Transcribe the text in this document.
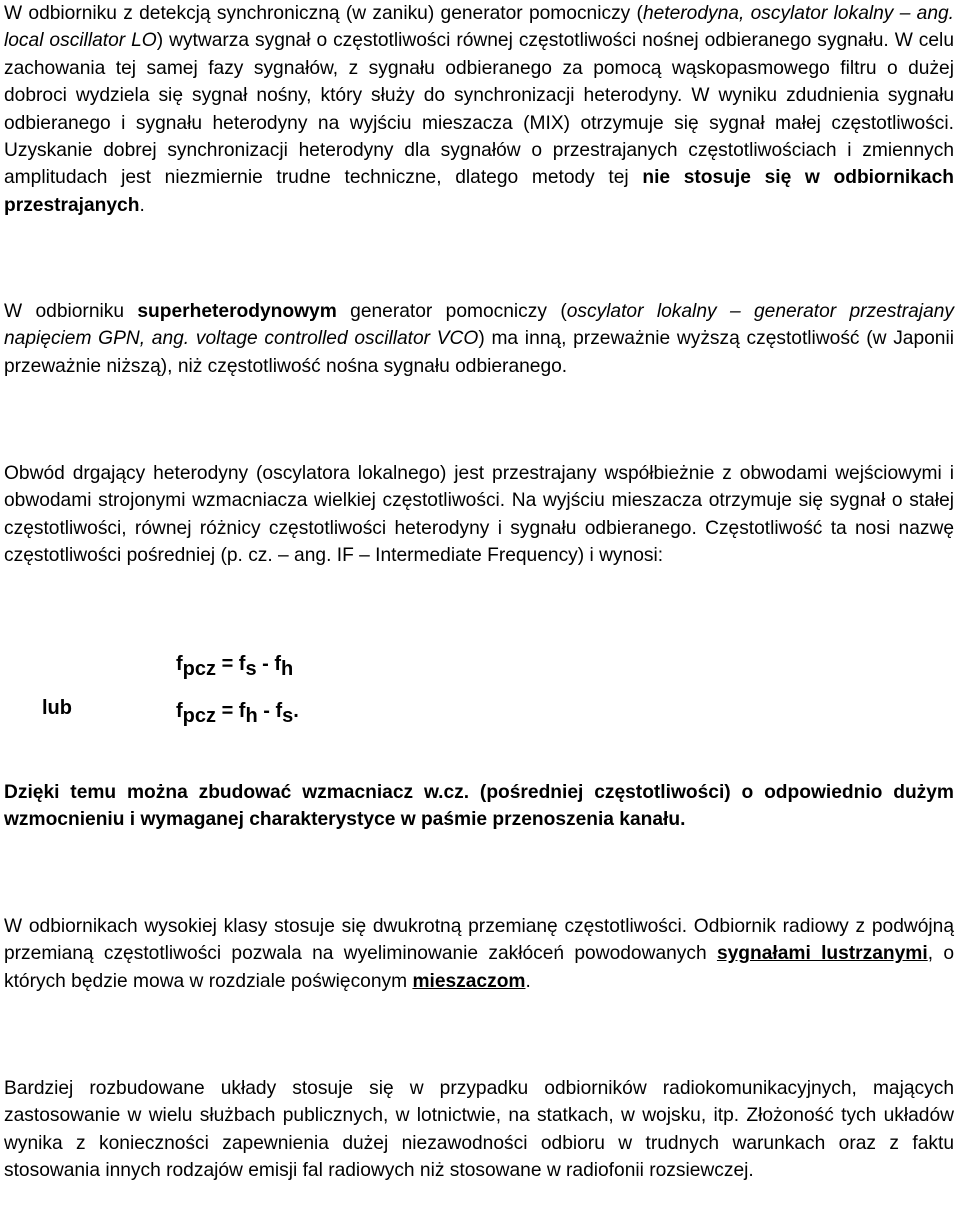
W odbiorniku z detekcją synchroniczną (w zaniku) generator pomocniczy (heterodyna, oscylator lokalny – ang. local oscillator LO) wytwarza sygnał o częstotliwości równej częstotliwości nośnej odbieranego sygnału. W celu zachowania tej samej fazy sygnałów, z sygnału odbieranego za pomocą wąskopasmowego filtru o dużej dobroci wydziela się sygnał nośny, który służy do synchronizacji heterodyny. W wyniku zdudnienia sygnału odbieranego i sygnału heterodyny na wyjściu mieszacza (MIX) otrzymuje się sygnał małej częstotliwości. Uzyskanie dobrej synchronizacji heterodyny dla sygnałów o przestrajanych częstotliwościach i zmiennych amplitudach jest niezmiernie trudne techniczne, dlatego metody tej nie stosuje się w odbiornikach przestrajanych.

W odbiorniku superheterodynowym generator pomocniczy (oscylator lokalny – generator przestrajany napięciem GPN, ang. voltage controlled oscillator VCO) ma inną, przeważnie wyższą częstotliwość (w Japonii przeważnie niższą), niż częstotliwość nośna sygnału odbieranego.

Obwód drgający heterodyny (oscylatora lokalnego) jest przestrajany współbieżnie z obwodami wejściowymi i obwodami strojonymi wzmacniacza wielkiej częstotliwości. Na wyjściu mieszacza otrzymuje się sygnał o stałej częstotliwości, równej różnicy częstotliwości heterodyny i sygnału odbieranego. Częstotliwość ta nosi nazwę częstotliwości pośredniej (p. cz. – ang. IF – Intermediate Frequency) i wynosi:

lub
$f_{pcz} = f_s - f_h$
$f_{pcz} = f_h - f_s$.

Dzięki temu można zbudować wzmacniacz w.cz. (pośredniej częstotliwości) o odpowiednio dużym wzmocnieniu i wymaganej charakterystyce w paśmie przenoszenia kanału.

W odbiornikach wysokiej klasy stosuje się dwukrotną przemianę częstotliwości. Odbiornik radiowy z podwójną przemianą częstotliwości pozwala na wyeliminowanie zakłóceń powodowanych sygnałami lustrzanymi, o których będzie mowa w rozdziale poświęconym mieszaczom.

Bardziej rozbudowane układy stosuje się w przypadku odbiorników radiokomunikacyjnych, mających zastosowanie w wielu służbach publicznych, w lotnictwie, na statkach, w wojsku, itp. Złożoność tych układów wynika z konieczności zapewnienia dużej niezawodności odbioru w trudnych warunkach oraz z faktu stosowania innych rodzajów emisji fal radiowych niż stosowane w radiofonii rozsiewczej.
